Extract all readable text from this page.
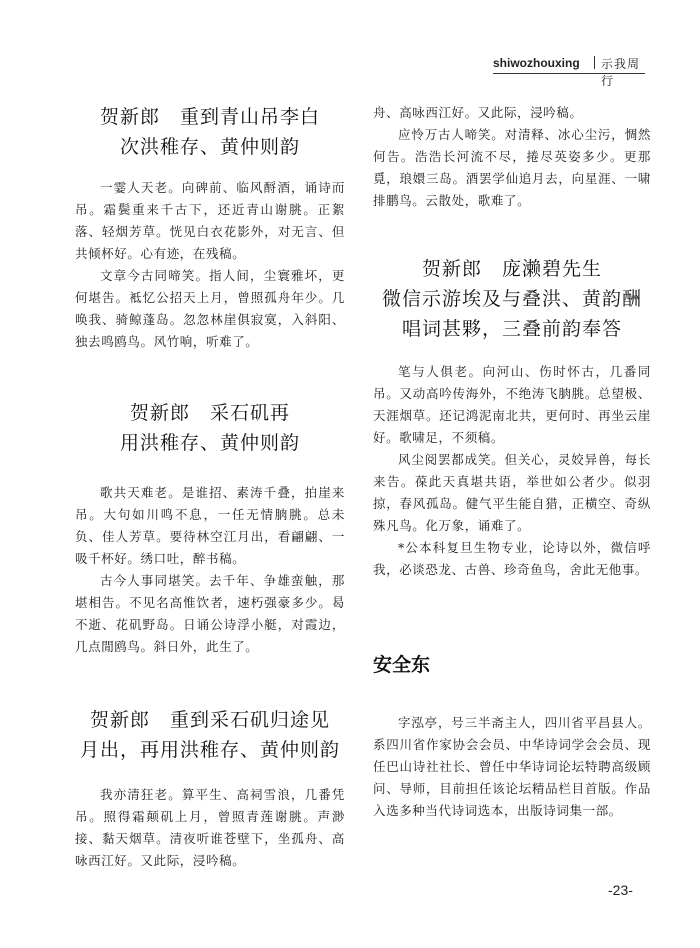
shiwozhouxing 示我周行
贺新郎　重到青山吊李白
次洪稚存、黄仲则韵

一霎人天老。向碑前、临风酹酒，诵诗而吊。霜鬓重来千古下，还近青山谢朓。正絮落、轻烟芳草。恍见白衣花影外，对无言、但共倾杯好。心有迹，在残稿。

文章今古同啼笑。指人间，尘寰雅坏，更何堪吿。袛忆公招天上月，曾照孤舟年少。几唤我、骑鲸蓬岛。忽忽林崖俱寂寞，入斜阳、独去鸣鸥鸟。风竹响，听难了。

贺新郎　采石矶再
用洪稚存、黄仲则韵

歌共天难老。是谁招、素涛千叠，拍崖来吊。大句如川鸣不息，一任无情朒朓。总未负、佳人芳草。要待林空江月出，看翩翩、一吸千杯好。绣口吐，醉书稿。

古今人事同堪笑。去千年、争雄蛮触，那堪相告。不见名高惟饮者，速朽强豪多少。曷不逝、花矶野岛。日诵公诗浮小艇，对霞边，几点閒鸥鸟。斜日外，此生了。

贺新郎　重到采石矶归途见
月出，再用洪稚存、黄仲则韵

我亦清狂老。算平生、高祠雪浪，几番凭吊。照得霜颠矶上月，曾照青莲谢朓。声渺接、黏天烟草。清夜听谁苍壁下，坐孤舟、高咏西江好。又此际，浸吟稿。

舟、高咏西江好。又此际，浸吟稿。

应怜万古人啼笑。对清释、冰心尘污，惆然何告。浩浩长河流不尽，捲尽英姿多少。更那覓，琅嬛三岛。酒罢学仙追月去，向星涯、一啸排鹏鸟。云散处，歌难了。

贺新郎　庞濑碧先生
微信示游埃及与叠洪、黄韵酬
唱词甚夥，三叠前韵奉答

笔与人俱老。向河山、伤时怀古，几番同吊。又动高吟传海外，不绝涛飞朒朓。总望极、天涯烟草。还记鸿泥南北共，更何时、再坐云崖好。歌啸足，不须稿。

风尘阅罢都成笑。但关心，灵姣异兽，每长来告。葆此天真堪共语，举世如公者少。似羽掠，春风孤岛。健气平生能自猎，正横空、奇纵殊凡鸟。化万象，诵难了。

*公本科复旦生物专业，论诗以外，微信呼我，必谈恐龙、古兽、珍奇鱼鸟，舍此无他事。

安全东

字泓亭，号三半斋主人，四川省平昌县人。系四川省作家协会会员、中华诗词学会会员、现任巴山诗社社长、曾任中华诗词论坛特聘高级顾问、导师，目前担任该论坛精品栏目首版。作品入选多种当代诗词选本，出版诗词集一部。

-23-
